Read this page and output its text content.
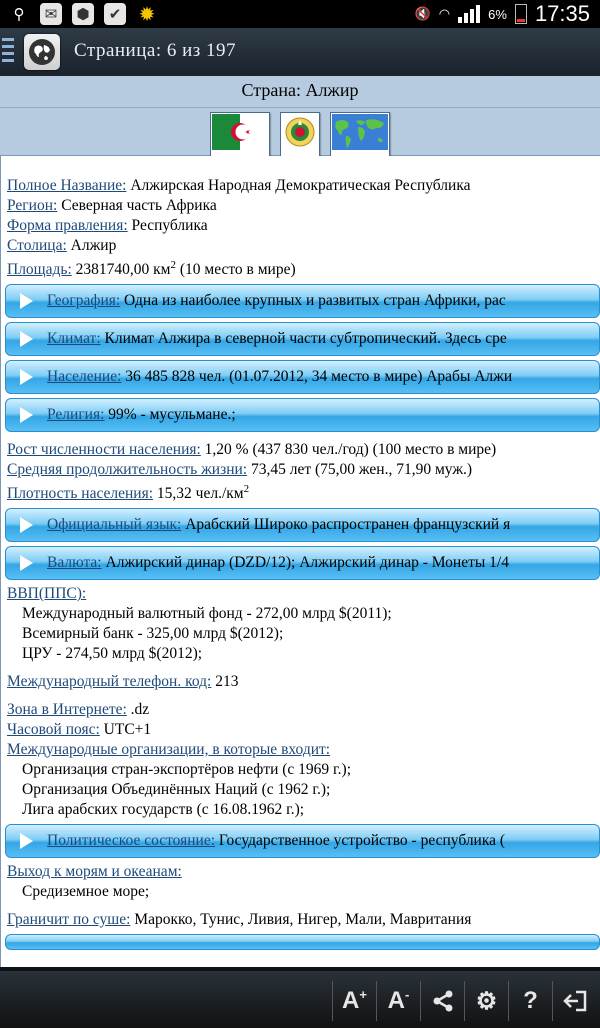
⚲	✉	⬢	✔ ✹	🔇 ◠	6% 17:35
Страница: 6 из 197
Страна: Алжир
Полное Название: Алжирская Народная Демократическая Республика
Регион: Северная часть Африка
Форма правления: Республика
Столица: Алжир
Площадь: 2381740,00 $км^2$ (10 место в мире)
География: Одна из наиболее крупных и развитых стран Африки, рас
Климат: Климат Алжира в северной части субтропический. Здесь сре
Население: 36 485 828 чел. (01.07.2012, 34 место в мире) Арабы Алжи
Религия: 99% - мусульмане.;
Рост численности населения: 1,20 % (437 830 чел./год) (100 место в мире)
Средняя продолжительность жизни: 73,45 лет (75,00 жен., 71,90 муж.)
Плотность населения: 15,32 $чел./км^2$
Официальный язык: Арабский Широко распространен французский я
Валюта: Алжирский динар (DZD/12); Алжирский динар - Монеты 1/4
ВВП(ППС):
Международный валютный фонд - 272,00 млрд $(2011);
Всемирный банк - 325,00 млрд $(2012);
ЦРУ - 274,50 млрд $(2012);
Международный телефон. код: 213
Зона в Интернете: .dz
Часовой пояс: UTC+1
Международные организации, в которые входит:
Организация стран-экспортёров нефти (с 1969 г.);
Организация Объединённых Наций (с 1962 г.);
Лига арабских государств (с 16.08.1962 г.);
Политическое состояние: Государственное устройство - республика (
Выход к морям и океанам:
Средиземное море;
Граничит по суше: Марокко, Тунис, Ливия, Нигер, Мали, Мавритания
A + A -	⚙	?
